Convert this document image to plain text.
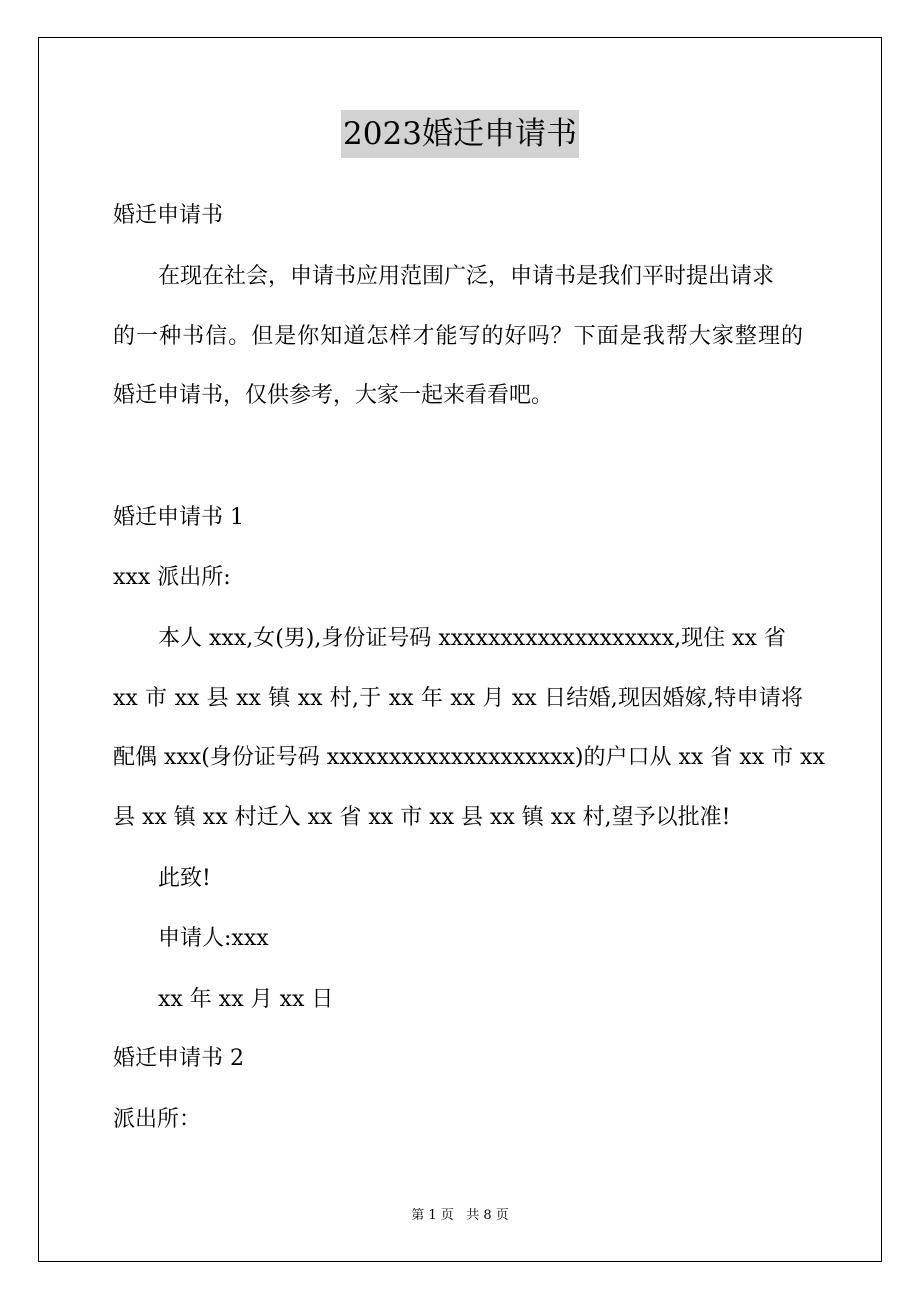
2023婚迁申请书
婚迁申请书
在现在社会，申请书应用范围广泛，申请书是我们平时提出请求
的一种书信。但是你知道怎样才能写的好吗？下面是我帮大家整理的
婚迁申请书，仅供参考，大家一起来看看吧。
婚迁申请书 1
xxx 派出所:
本人 xxx,女(男),身份证号码 xxxxxxxxxxxxxxxxxxx,现住 xx 省
xx 市 xx 县 xx 镇 xx 村,于 xx 年 xx 月 xx 日结婚,现因婚嫁,特申请将
配偶 xxx(身份证号码 xxxxxxxxxxxxxxxxxxxx)的户口从 xx 省 xx 市 xx
县 xx 镇 xx 村迁入 xx 省 xx 市 xx 县 xx 镇 xx 村,望予以批准!
此致!
申请人:xxx
xx 年 xx 月 xx 日
婚迁申请书 2
派出所：
第 1 页 共 8 页
